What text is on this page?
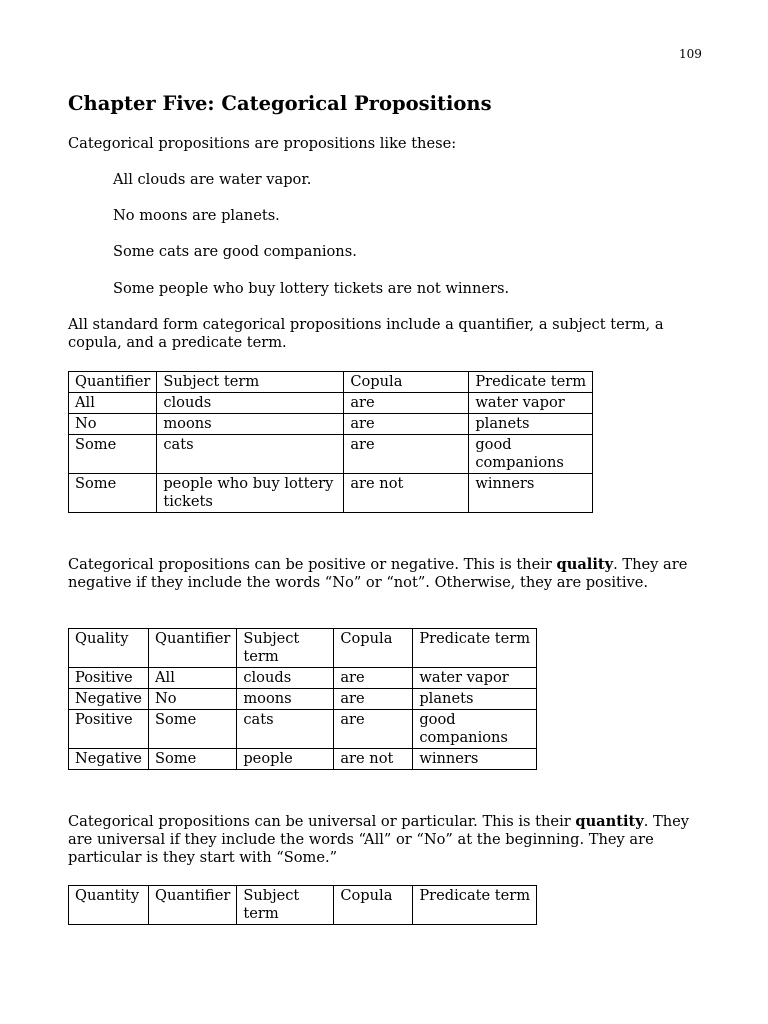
109
Chapter Five: Categorical Propositions

Categorical propositions are propositions like these:

All clouds are water vapor.

No moons are planets.

Some cats are good companions.

Some people who buy lottery tickets are not winners.

All standard form categorical propositions include a quantifier, a subject term, a copula, and a predicate term.

Quantifier	Subject term	Copula	Predicate term
All	clouds	are	water vapor
No	moons	are	planets
Some	cats	are	good companions
Some	people who buy lottery tickets	are not	winners

Categorical propositions can be positive or negative. This is their quality. They are negative if they include the words “No” or “not”. Otherwise, they are positive.

Quality	Quantifier	Subject term	Copula	Predicate term
Positive	All	clouds	are	water vapor
Negative	No	moons	are	planets
Positive	Some	cats	are	good companions
Negative	Some	people	are not	winners

Categorical propositions can be universal or particular. This is their quantity. They are universal if they include the words “All” or “No” at the beginning. They are particular is they start with “Some.”

Quantity	Quantifier	Subject term	Copula	Predicate term
